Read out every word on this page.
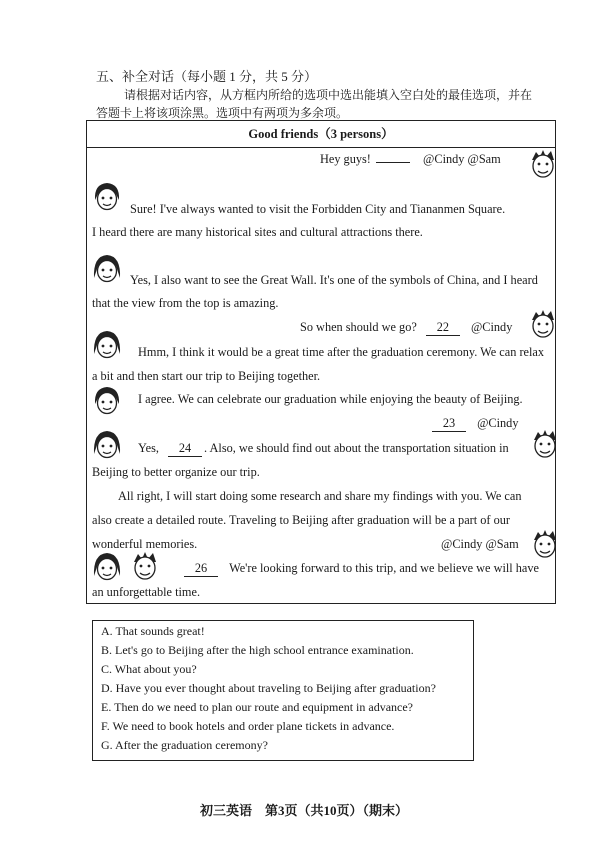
五、补全对话（每小题 1 分，共 5 分）
请根据对话内容，从方框内所给的选项中选出能填入空白处的最佳选项，并在
答题卡上将该项涂黑。选项中有两项为多余项。
Good friends（3 persons）
Hey guys!	@Cindy @Sam
Sure! I've always wanted to visit the Forbidden City and Tiananmen Square.
I heard there are many historical sites and cultural attractions there.
Yes, I also want to see the Great Wall. It's one of the symbols of China, and I heard
that the view from the top is amazing.
So when should we go? 22 @Cindy
Hmm, I think it would be a great time after the graduation ceremony. We can relax
a bit and then start our trip to Beijing together.
I agree. We can celebrate our graduation while enjoying the beauty of Beijing.
23 @Cindy
Yes, 24 . Also, we should find out about the transportation situation in
Beijing to better organize our trip.
All right, I will start doing some research and share my findings with you. We can
also create a detailed route. Traveling to Beijing after graduation will be a part of our
wonderful memories.	@Cindy @Sam
26 We're looking forward to this trip, and we believe we will have
an unforgettable time.
A. That sounds great!
B. Let's go to Beijing after the high school entrance examination.
C. What about you?
D. Have you ever thought about traveling to Beijing after graduation?
E. Then do we need to plan our route and equipment in advance?
F. We need to book hotels and order plane tickets in advance.
G. After the graduation ceremony?
初三英语　第3页（共10页）（期末）
